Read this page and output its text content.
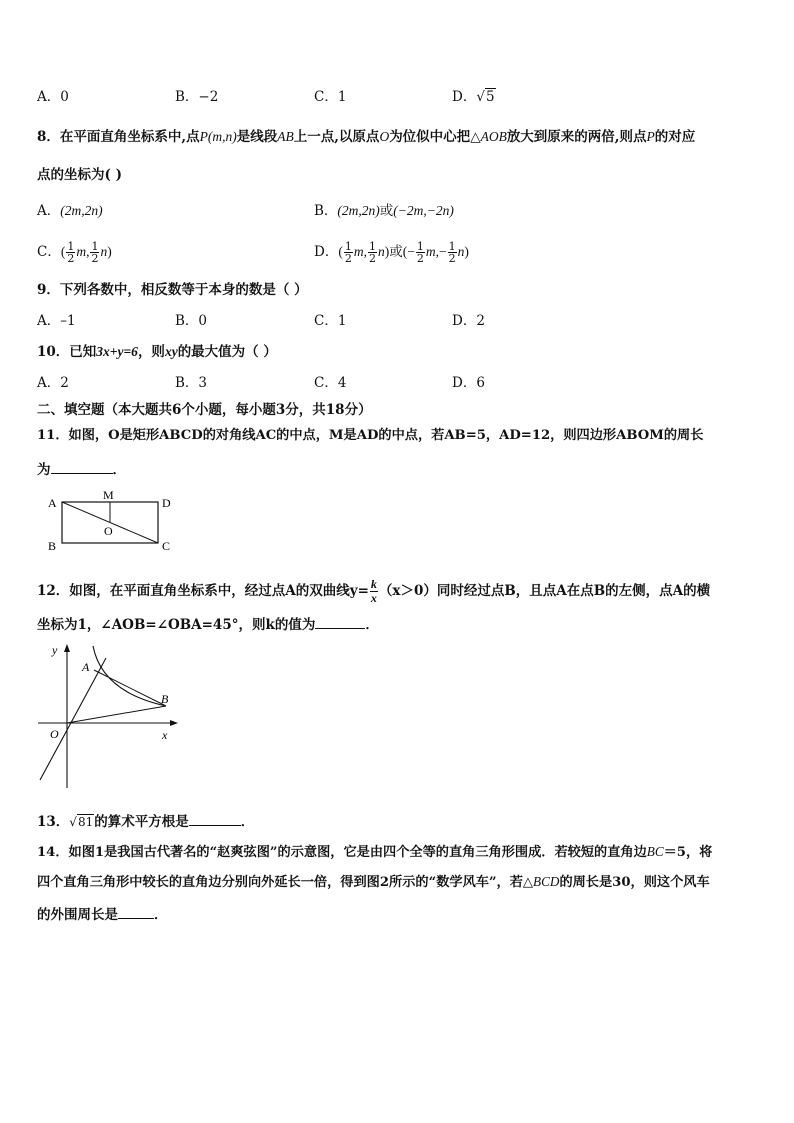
A．0	B．−2	C．1	D．√5
8．在平面直角坐标系中,点P(m,n)是线段AB上一点,以原点O为位似中心把△AOB放大到原来的两倍,则点P的对应
点的坐标为( )
A．(2m,2n)	B．(2m,2n)或(−2m,−2n)
C．( $\frac{1}{2} m$, $\frac{1}{2} n$)	D．( $\frac{1}{2} m$, $\frac{1}{2} n$)或(− $\frac{1}{2} m,- \frac{1}{2} n$)
9．下列各数中，相反数等于本身的数是（ ）
A．–1	B．0	C．1	D．2
10．已知3x+y=6，则xy的最大值为（ ）
A．2	B．3	C．4	D．6
二、填空题（本大题共6个小题，每小题3分，共18分）
11．如图，O是矩形ABCD的对角线AC的中点，M是AD的中点，若AB=5，AD=12，则四边形ABOM的周长
为	．
A
M
D
O
B	C
12．如图，在平面直角坐标系中，经过点A的双曲线$y= \frac{k}{x} (x>0)$同时经过点B，且点A在点B的左侧，点A的横
坐标为1，∠AOB=∠OBA=45°，则k的值为	．
y
A
B
O	x
13．√81的算术平方根是	．
14．如图1是我国古代著名的“赵爽弦图”的示意图，它是由四个全等的直角三角形围成．若较短的直角边BC＝5，将
四个直角三角形中较长的直角边分别向外延长一倍，得到图2所示的“数学风车”，若△BCD的周长是30，则这个风车
的外围周长是	．
